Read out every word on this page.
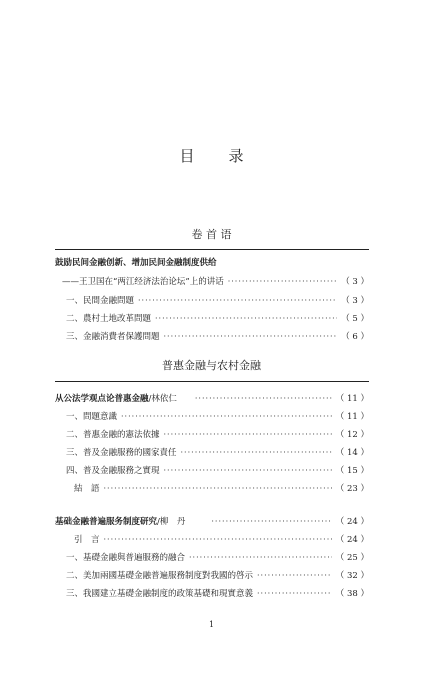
目 录
卷 首 语
鼓励民间金融创新、增加民间金融制度供给
——王卫国在“两江经济法治论坛”上的讲话 ·····	（ 3 ）
一、民間金融問題 ·····	（ 3 ）
二、農村土地改革問題 ·····	（ 5 ）
三、金融消費者保護問題 ·····	（ 6 ）
普惠金融与农村金融
从公法学观点论普惠金融/林依仁 ·····	（ 11 ）
一、問題意識 ·····	（ 11 ）
二、普惠金融的憲法依據 ·····	（ 12 ）
三、普及金融服務的國家責任 ·····	（ 14 ）
四、普及金融服務之實現 ·····	（ 15 ）
結　語 ·····	（ 23 ）
基础金融普遍服务制度研究/柳　丹 ·····	（ 24 ）
引　言 ·····	（ 24 ）
一、基礎金融與普遍服務的融合 ·····	（ 25 ）
二、美加兩國基礎金融普遍服務制度對我國的啓示 ·····	（ 32 ）
三、我國建立基礎金融制度的政策基礎和現實意義 ·····	（ 38 ）
1
